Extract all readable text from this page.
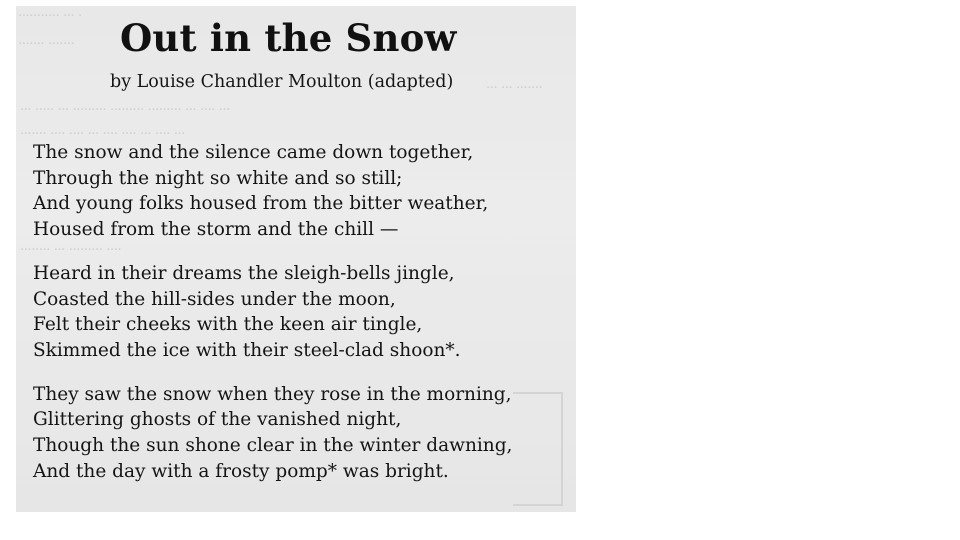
··········· ··· ·
······· ·······
··· ··· ·······
··· ····· ··· ········· ········· ········· ··· ···· ···
······· ···· ···· ··· ···· ···· ··· ···· ···
········ ··· ········· ····
Out in the Snow
by Louise Chandler Moulton (adapted)
The snow and the silence came down together,
Through the night so white and so still;
And young folks housed from the bitter weather,
Housed from the storm and the chill —
Heard in their dreams the sleigh-bells jingle,
Coasted the hill-sides under the moon,
Felt their cheeks with the keen air tingle,
Skimmed the ice with their steel-clad shoon*.
They saw the snow when they rose in the morning,
Glittering ghosts of the vanished night,
Though the sun shone clear in the winter dawning,
And the day with a frosty pomp* was bright.
